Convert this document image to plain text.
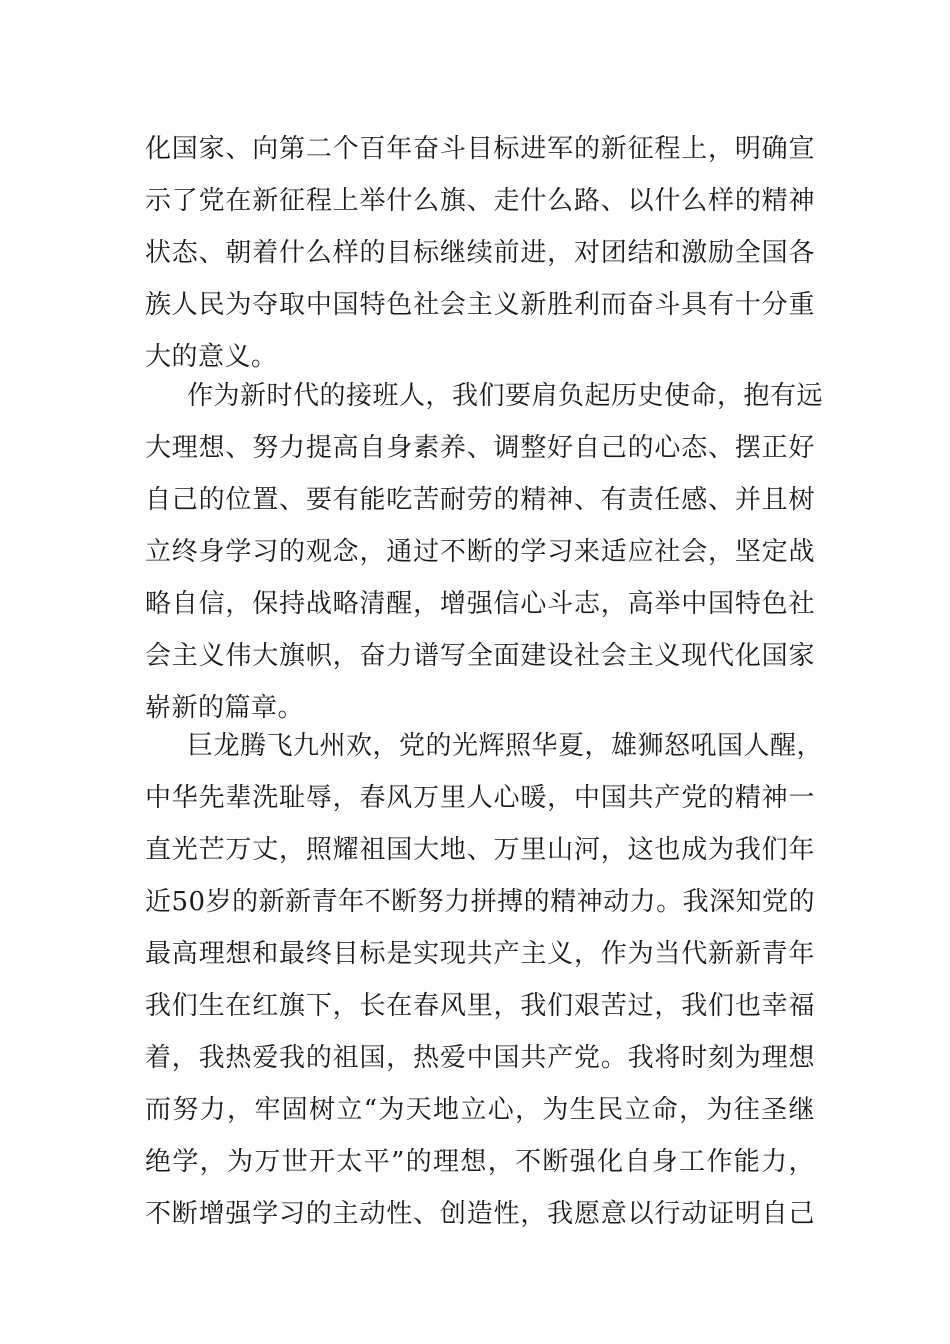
化国家、向第二个百年奋斗目标进军的新征程上，明确宣
示了党在新征程上举什么旗、走什么路、以什么样的精神
状态、朝着什么样的目标继续前进，对团结和激励全国各
族人民为夺取中国特色社会主义新胜利而奋斗具有十分重
大的意义。
作为新时代的接班人，我们要肩负起历史使命，抱有远
大理想、努力提高自身素养、调整好自己的心态、摆正好
自己的位置、要有能吃苦耐劳的精神、有责任感、并且树
立终身学习的观念，通过不断的学习来适应社会，坚定战
略自信，保持战略清醒，增强信心斗志，高举中国特色社
会主义伟大旗帜，奋力谱写全面建设社会主义现代化国家
崭新的篇章。
巨龙腾飞九州欢，党的光辉照华夏，雄狮怒吼国人醒，
中华先辈洗耻辱，春风万里人心暖，中国共产党的精神一
直光芒万丈，照耀祖国大地、万里山河，这也成为我们年
近50岁的新新青年不断努力拼搏的精神动力。我深知党的
最高理想和最终目标是实现共产主义，作为当代新新青年
我们生在红旗下，长在春风里，我们艰苦过，我们也幸福
着，我热爱我的祖国，热爱中国共产党。我将时刻为理想
而努力，牢固树立“为天地立心，为生民立命，为往圣继
绝学，为万世开太平”的理想，不断强化自身工作能力，
不断增强学习的主动性、创造性，我愿意以行动证明自己
